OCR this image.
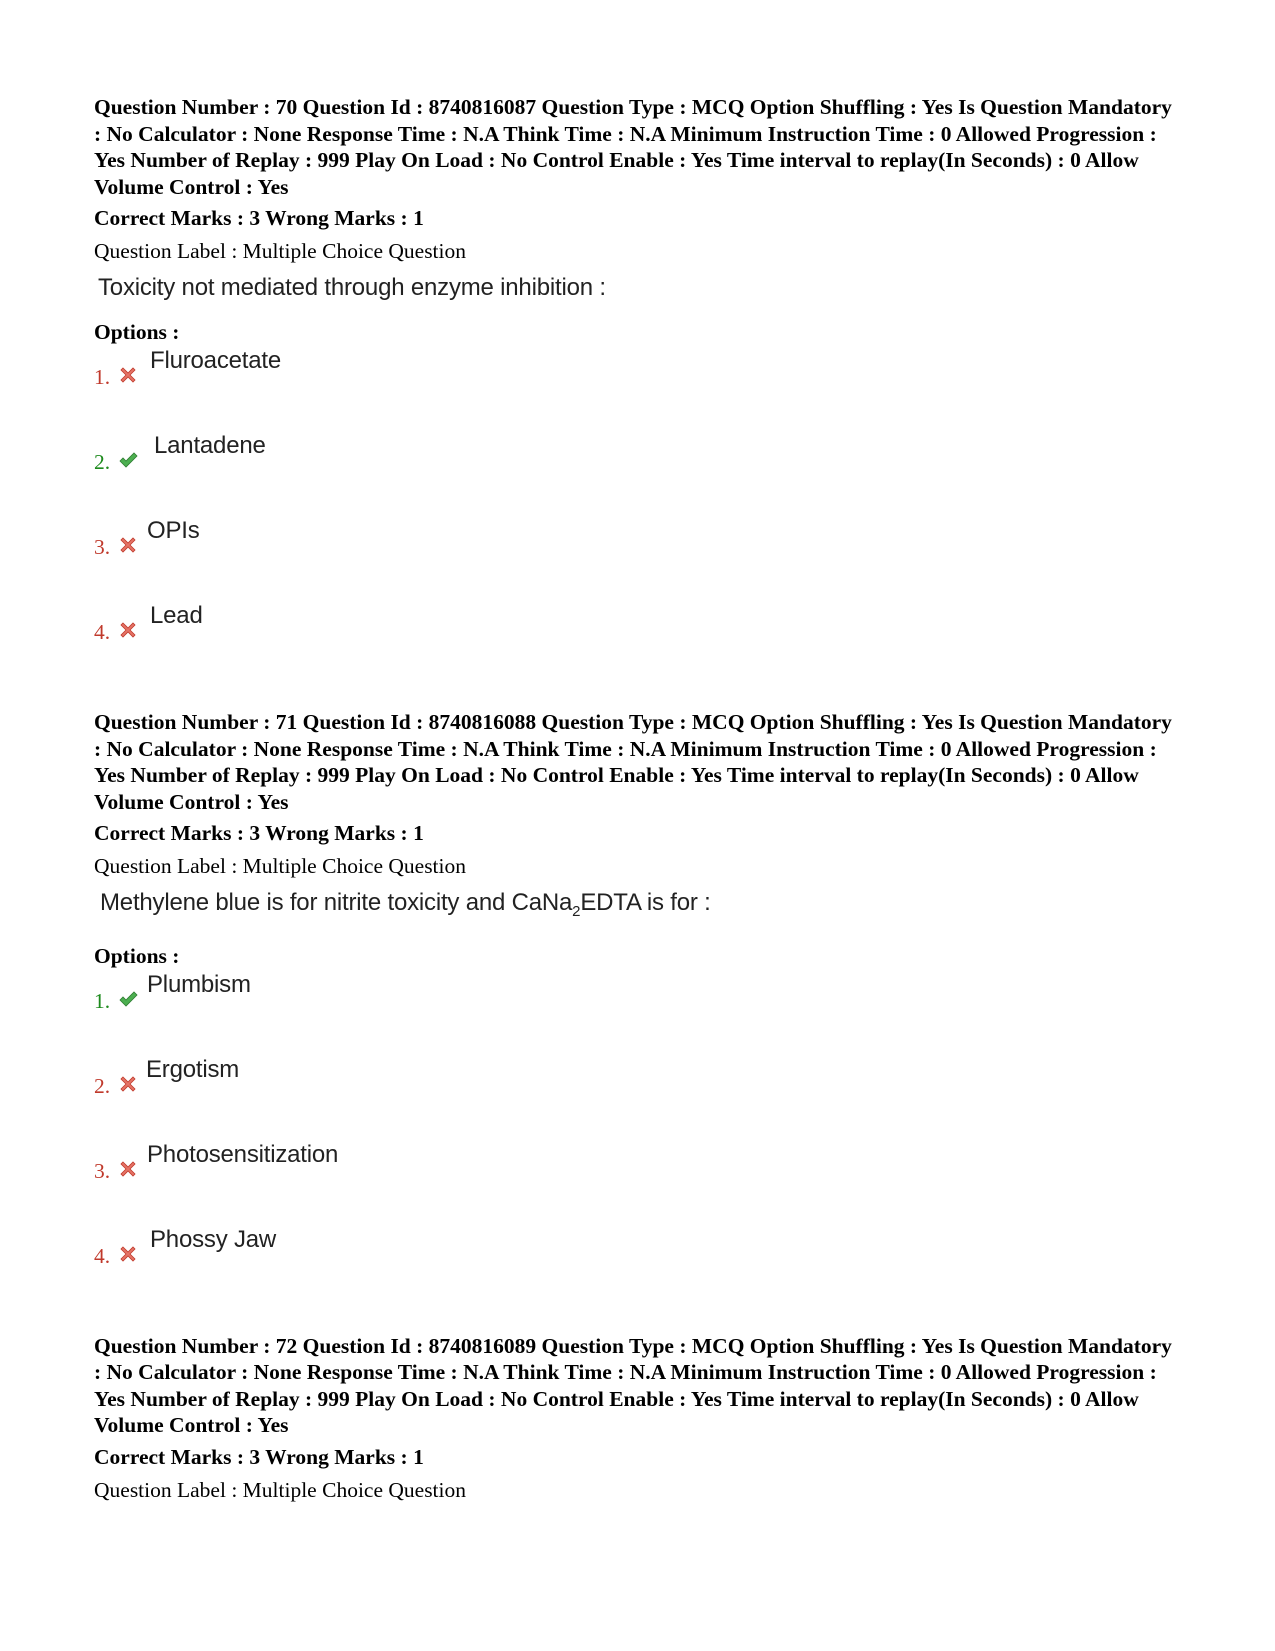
Question Number : 70 Question Id : 8740816087 Question Type : MCQ Option Shuffling : Yes Is Question Mandatory : No Calculator : None Response Time : N.A Think Time : N.A Minimum Instruction Time : 0 Allowed Progression : Yes Number of Replay : 999 Play On Load : No Control Enable : Yes Time interval to replay(In Seconds) : 0 Allow Volume Control : Yes
Correct Marks : 3 Wrong Marks : 1
Question Label : Multiple Choice Question
Toxicity not mediated through enzyme inhibition :
Options :
1.
Fluroacetate
2.
Lantadene
3.
OPIs
4.
Lead
Question Number : 71 Question Id : 8740816088 Question Type : MCQ Option Shuffling : Yes Is Question Mandatory : No Calculator : None Response Time : N.A Think Time : N.A Minimum Instruction Time : 0 Allowed Progression : Yes Number of Replay : 999 Play On Load : No Control Enable : Yes Time interval to replay(In Seconds) : 0 Allow Volume Control : Yes
Correct Marks : 3 Wrong Marks : 1
Question Label : Multiple Choice Question
Methylene blue is for nitrite toxicity and CaNa$_2$EDTA is for :
Options :
1.
Plumbism
2.
Ergotism
3.
Photosensitization
4.
Phossy Jaw
Question Number : 72 Question Id : 8740816089 Question Type : MCQ Option Shuffling : Yes Is Question Mandatory : No Calculator : None Response Time : N.A Think Time : N.A Minimum Instruction Time : 0 Allowed Progression : Yes Number of Replay : 999 Play On Load : No Control Enable : Yes Time interval to replay(In Seconds) : 0 Allow Volume Control : Yes
Correct Marks : 3 Wrong Marks : 1
Question Label : Multiple Choice Question
